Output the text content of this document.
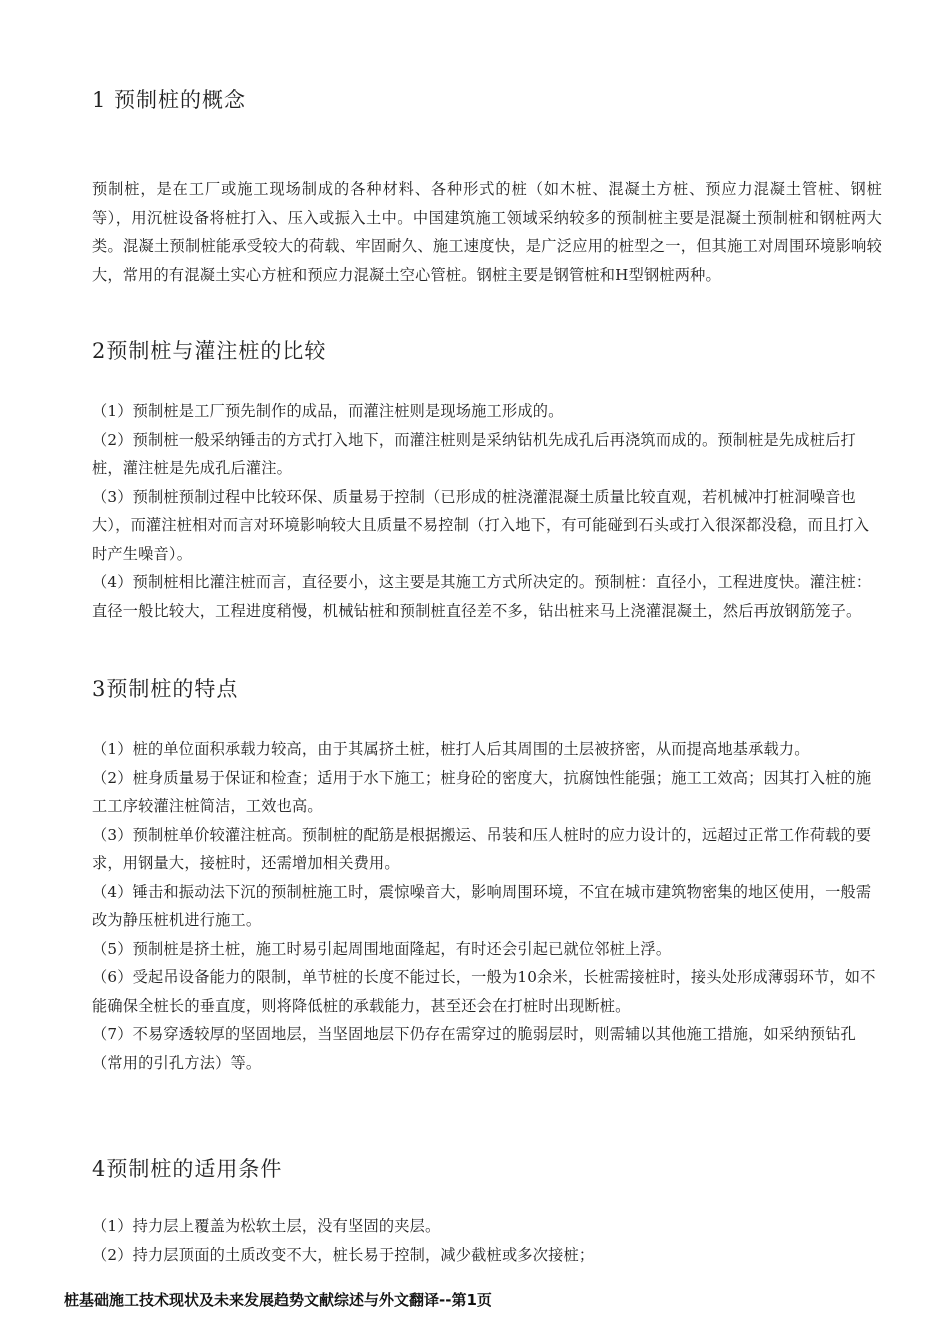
1 预制桩的概念

预制桩，是在工厂或施工现场制成的各种材料、各种形式的桩（如木桩、混凝土方桩、预应力混凝土管桩、钢桩等），用沉桩设备将桩打入、压入或振入土中。中国建筑施工领域采纳较多的预制桩主要是混凝土预制桩和钢桩两大类。混凝土预制桩能承受较大的荷载、牢固耐久、施工速度快，是广泛应用的桩型之一，但其施工对周围环境影响较大，常用的有混凝土实心方桩和预应力混凝土空心管桩。钢桩主要是钢管桩和H型钢桩两种。

2预制桩与灌注桩的比较

（1）预制桩是工厂预先制作的成品，而灌注桩则是现场施工形成的。

（2）预制桩一般采纳锤击的方式打入地下，而灌注桩则是采纳钻机先成孔后再浇筑而成的。预制桩是先成桩后打桩，灌注桩是先成孔后灌注。

（3）预制桩预制过程中比较环保、质量易于控制（已形成的桩浇灌混凝土质量比较直观，若机械冲打桩洞噪音也大），而灌注桩相对而言对环境影响较大且质量不易控制（打入地下，有可能碰到石头或打入很深都没稳，而且打入时产生噪音）。

（4）预制桩相比灌注桩而言，直径要小，这主要是其施工方式所决定的。预制桩：直径小，工程进度快。灌注桩：直径一般比较大，工程进度稍慢，机械钻桩和预制桩直径差不多，钻出桩来马上浇灌混凝土，然后再放钢筋笼子。

3预制桩的特点

（1）桩的单位面积承载力较高，由于其属挤土桩，桩打人后其周围的土层被挤密，从而提高地基承载力。

（2）桩身质量易于保证和检查；适用于水下施工；桩身砼的密度大，抗腐蚀性能强；施工工效高；因其打入桩的施工工序较灌注桩简洁，工效也高。

（3）预制桩单价较灌注桩高。预制桩的配筋是根据搬运、吊装和压人桩时的应力设计的，远超过正常工作荷载的要求，用钢量大，接桩时，还需增加相关费用。

（4）锤击和振动法下沉的预制桩施工时，震惊噪音大，影响周围环境，不宜在城市建筑物密集的地区使用，一般需改为静压桩机进行施工。

（5）预制桩是挤土桩，施工时易引起周围地面隆起，有时还会引起已就位邻桩上浮。

（6）受起吊设备能力的限制，单节桩的长度不能过长，一般为10余米，长桩需接桩时，接头处形成薄弱环节，如不能确保全桩长的垂直度，则将降低桩的承载能力，甚至还会在打桩时出现断桩。

（7）不易穿透较厚的坚固地层，当坚固地层下仍存在需穿过的脆弱层时，则需辅以其他施工措施，如采纳预钻孔（常用的引孔方法）等。

4预制桩的适用条件

（1）持力层上覆盖为松软土层，没有坚固的夹层。

（2）持力层顶面的土质改变不大，桩长易于控制，减少截桩或多次接桩；

桩基础施工技术现状及未来发展趋势文献综述与外文翻译--第1页
